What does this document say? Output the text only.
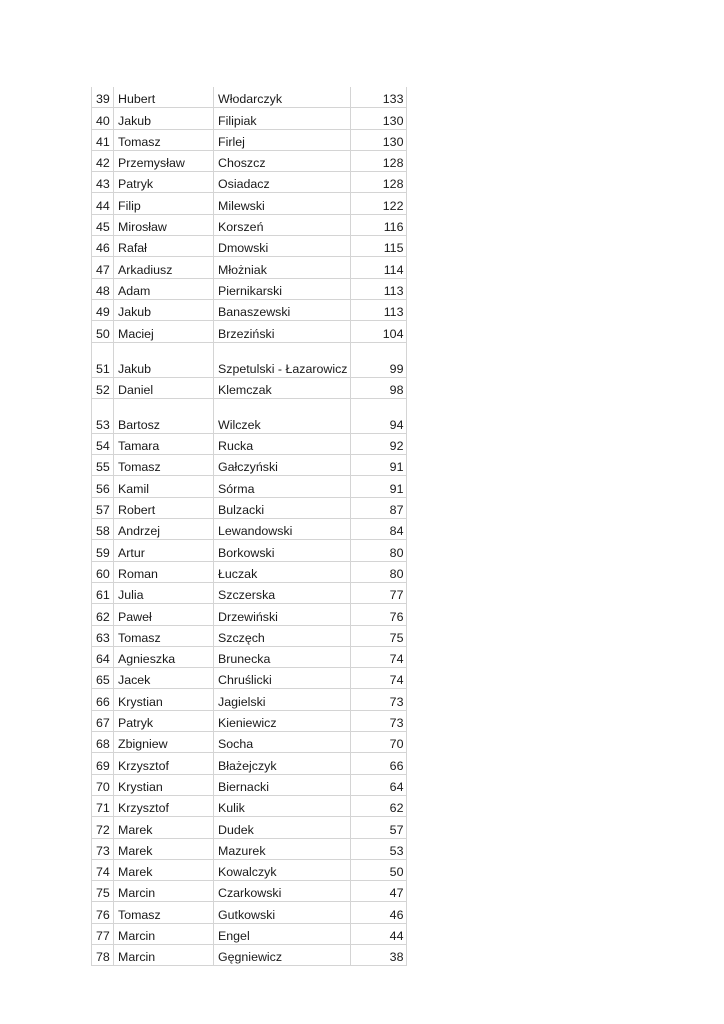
39	Hubert	Włodarczyk	133
40	Jakub	Filipiak	130
41	Tomasz	Firlej	130
42	Przemysław	Choszcz	128
43	Patryk	Osiadacz	128
44	Filip	Milewski	122
45	Mirosław	Korszeń	116
46	Rafał	Dmowski	115
47	Arkadiusz	Młożniak	114
48	Adam	Piernikarski	113
49	Jakub	Banaszewski	113
50	Maciej	Brzeziński	104
51	Jakub	Szpetulski - Łazarowicz	99
52	Daniel	Klemczak	98
53	Bartosz	Wilczek	94
54	Tamara	Rucka	92
55	Tomasz	Gałczyński	91
56	Kamil	Sórma	91
57	Robert	Bulzacki	87
58	Andrzej	Lewandowski	84
59	Artur	Borkowski	80
60	Roman	Łuczak	80
61	Julia	Szczerska	77
62	Paweł	Drzewiński	76
63	Tomasz	Szczęch	75
64	Agnieszka	Brunecka	74
65	Jacek	Chruślicki	74
66	Krystian	Jagielski	73
67	Patryk	Kieniewicz	73
68	Zbigniew	Socha	70
69	Krzysztof	Błażejczyk	66
70	Krystian	Biernacki	64
71	Krzysztof	Kulik	62
72	Marek	Dudek	57
73	Marek	Mazurek	53
74	Marek	Kowalczyk	50
75	Marcin	Czarkowski	47
76	Tomasz	Gutkowski	46
77	Marcin	Engel	44
78	Marcin	Gęgniewicz	38
